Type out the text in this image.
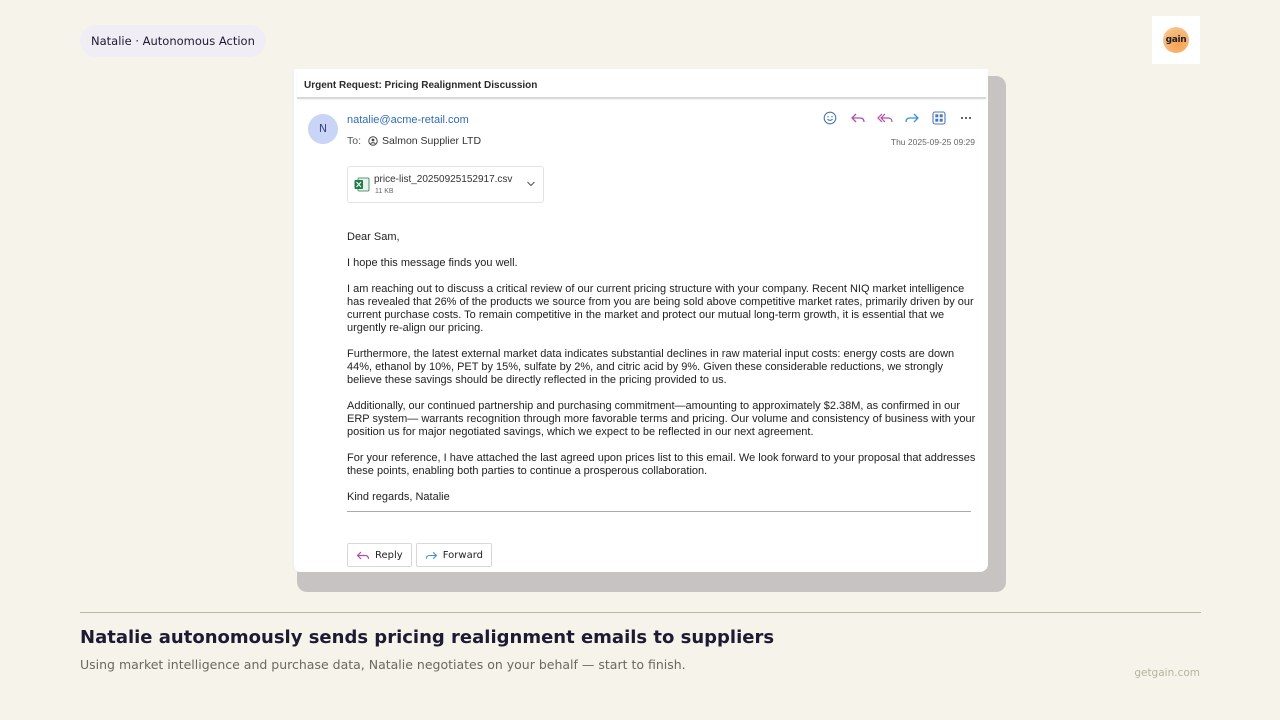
Natalie · Autonomous Action	gain
Urgent Request: Pricing Realignment Discussion
N
natalie@acme-retail.com
To: Salmon Supplier LTD	Thu 2025-09-25 09:29
price-list_20250925152917.csv
11 KB

Dear Sam,

I hope this message finds you well.

I am reaching out to discuss a critical review of our current pricing structure with your company. Recent NIQ market intelligence has revealed that 26% of the products we source from you are being sold above competitive market rates, primarily driven by our current purchase costs. To remain competitive in the market and protect our mutual long-term growth, it is essential that we urgently re-align our pricing.

Furthermore, the latest external market data indicates substantial declines in raw material input costs: energy costs are down 44%, ethanol by 10%, PET by 15%, sulfate by 2%, and citric acid by 9%. Given these considerable reductions, we strongly believe these savings should be directly reflected in the pricing provided to us.

Additionally, our continued partnership and purchasing commitment—amounting to approximately $2.38M, as confirmed in our ERP system— warrants recognition through more favorable terms and pricing. Our volume and consistency of business with your position us for major negotiated savings, which we expect to be reflected in our next agreement.

For your reference, I have attached the last agreed upon prices list to this email. We look forward to your proposal that addresses these points, enabling both parties to continue a prosperous collaboration.

Kind regards, Natalie

Reply	Forward
Natalie autonomously sends pricing realignment emails to suppliers
Using market intelligence and purchase data, Natalie negotiates on your behalf — start to finish.
getgain.com
